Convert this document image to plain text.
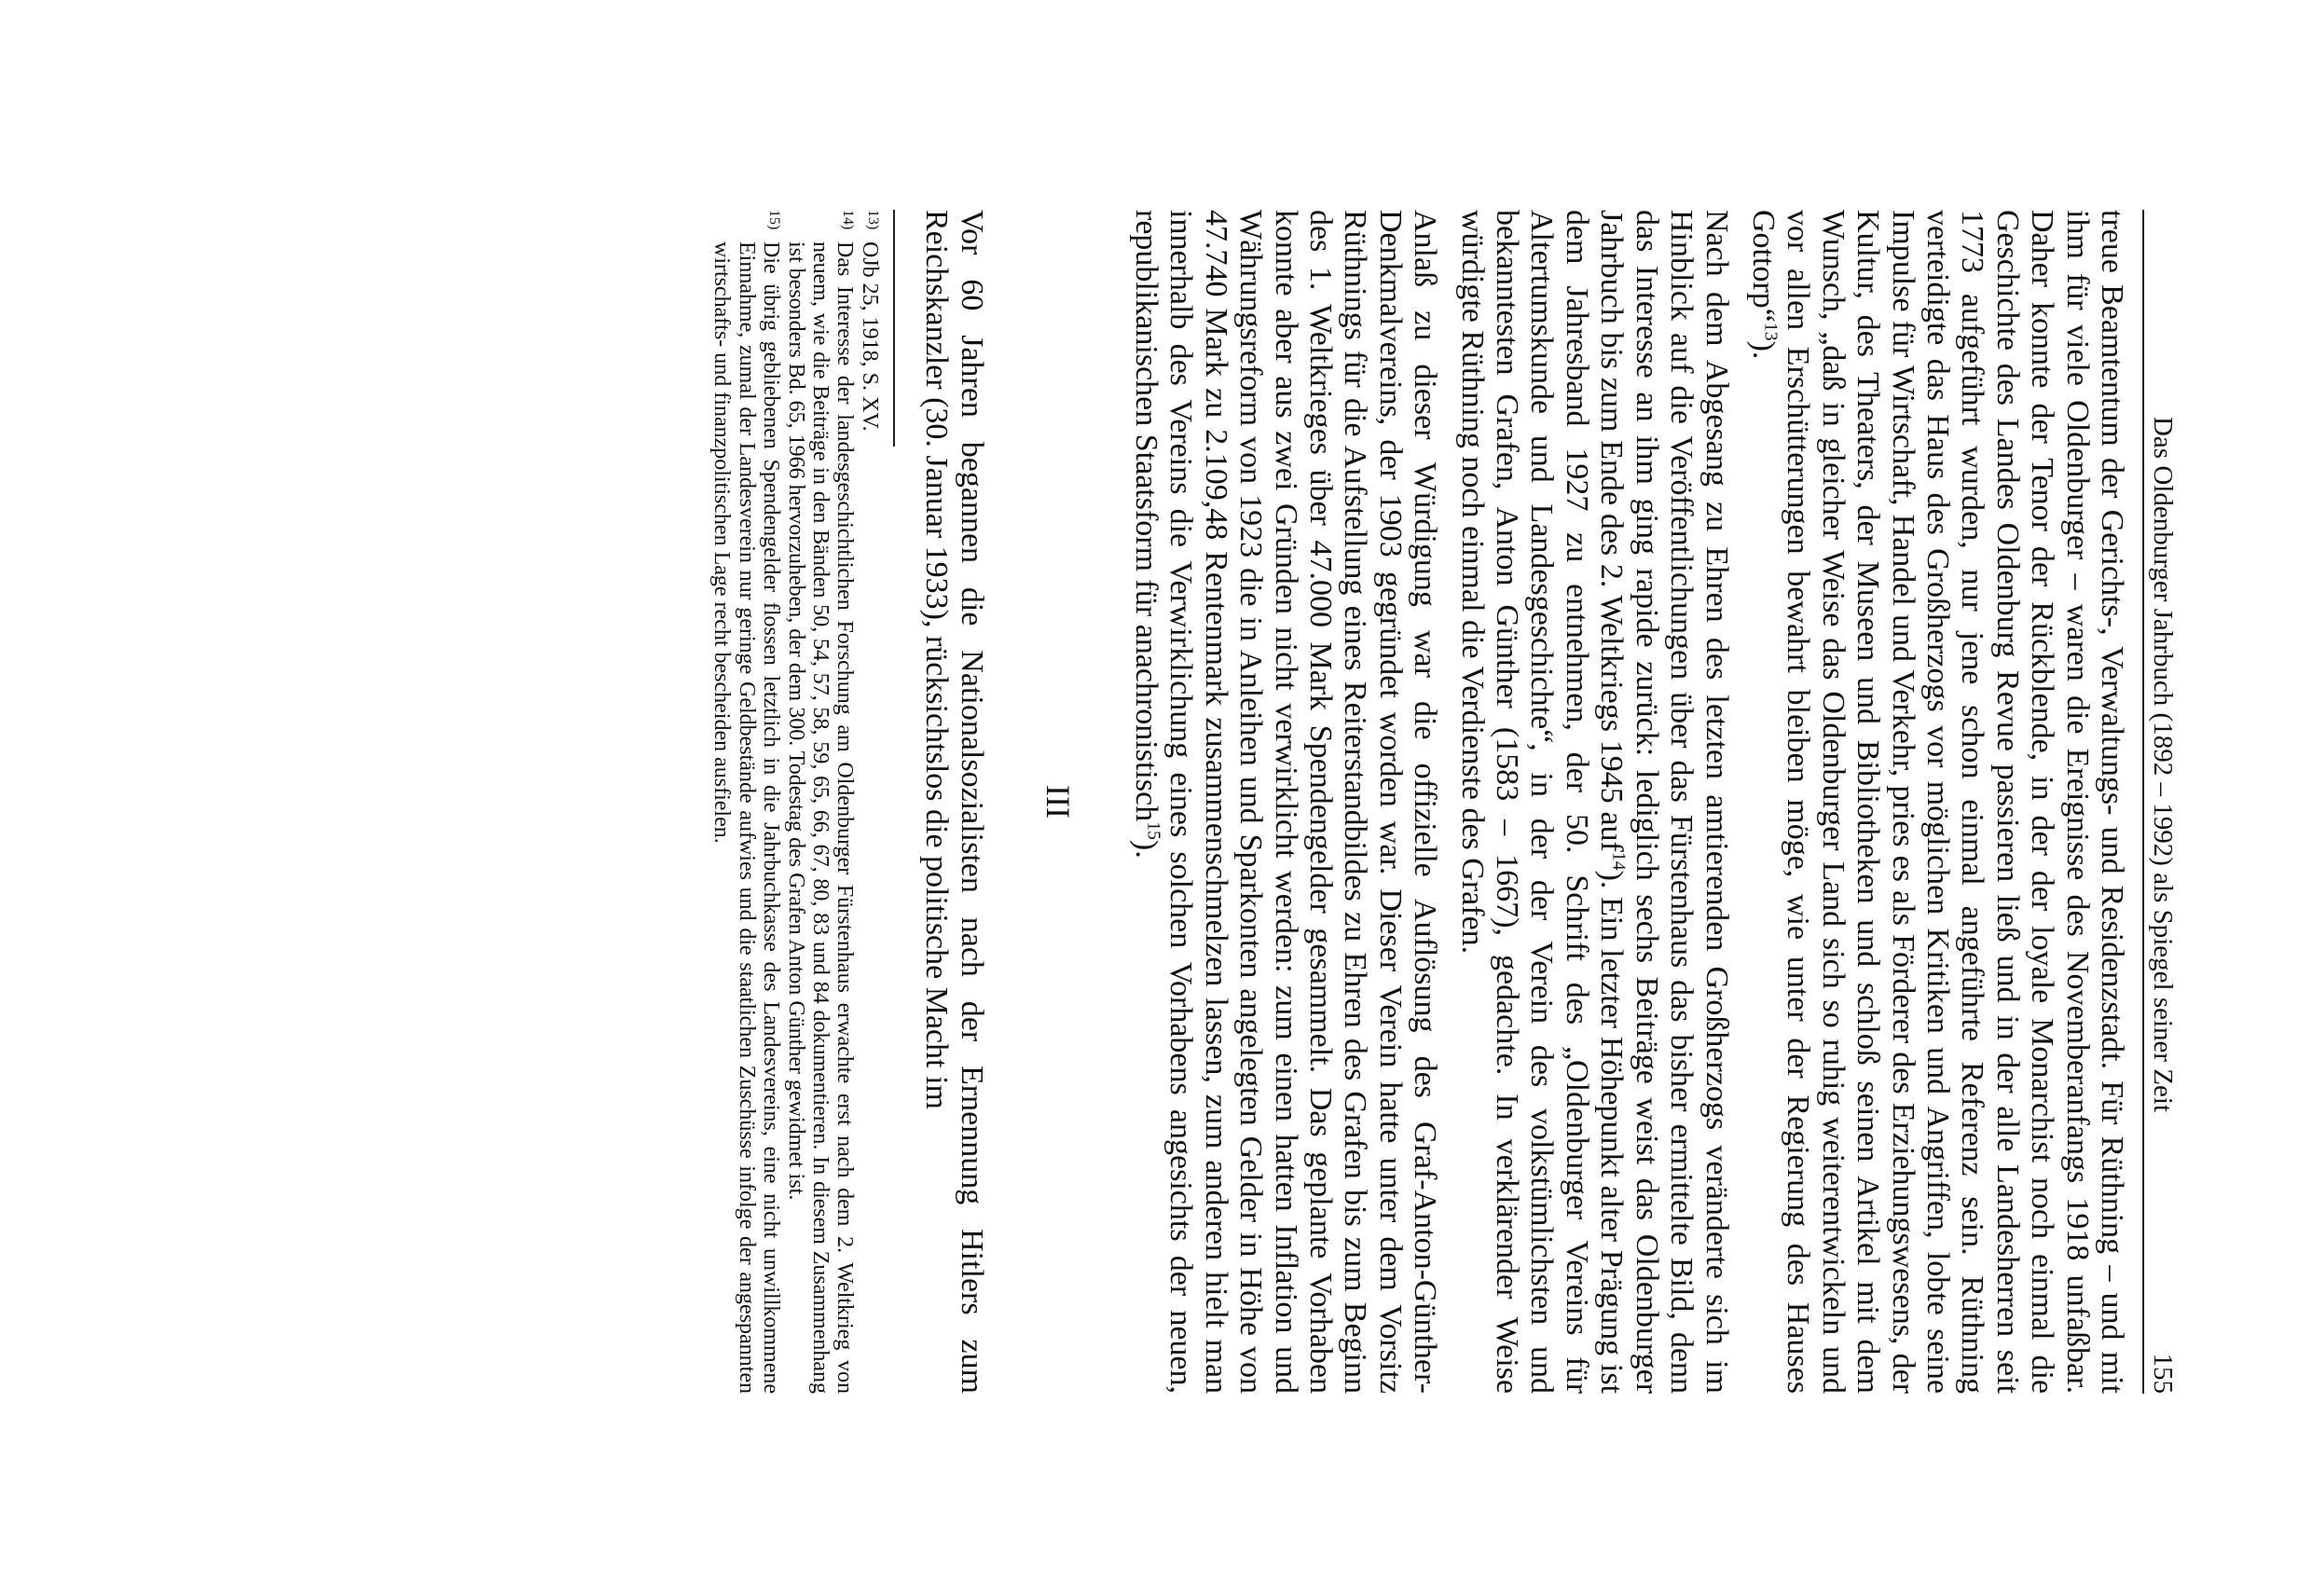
Das Oldenburger Jahrbuch (1892 – 1992) als Spiegel seiner Zeit
155

treue Beamtentum der Gerichts-, Verwaltungs- und Residenzstadt. Für Rüthning – und mit ihm für viele Oldenburger – waren die Ereignisse des Novemberanfangs 1918 unfaßbar. Daher konnte der Tenor der Rückblende, in der der loyale Monarchist noch einmal die Geschichte des Landes Oldenburg Revue passieren ließ und in der alle Landesherren seit 1773 aufgeführt wurden, nur jene schon einmal angeführte Referenz sein. Rüthning verteidigte das Haus des Großherzogs vor möglichen Kritiken und Angriffen, lobte seine Impulse für Wirtschaft, Handel und Verkehr, pries es als Förderer des Erziehungswesens, der Kultur, des Theaters, der Museen und Bibliotheken und schloß seinen Artikel mit dem Wunsch, „daß in gleicher Weise das Oldenburger Land sich so ruhig weiterentwickeln und vor allen Erschütterungen bewahrt bleiben möge, wie unter der Regierung des Hauses Gottorp“$^{13}$).

Nach dem Abgesang zu Ehren des letzten amtierenden Großherzogs veränderte sich im Hinblick auf die Veröffentlichungen über das Fürstenhaus das bisher ermittelte Bild, denn das Interesse an ihm ging rapide zurück: lediglich sechs Beiträge weist das Oldenburger Jahrbuch bis zum Ende des 2. Weltkriegs 1945 auf$^{14}$). Ein letzter Höhepunkt alter Prägung ist dem Jahresband 1927 zu entnehmen, der 50. Schrift des „Oldenburger Vereins für Altertumskunde und Landesgeschichte“, in der der Verein des volkstümlichsten und bekanntesten Grafen, Anton Günther (1583 – 1667), gedachte. In verklärender Weise würdigte Rüthning noch einmal die Verdienste des Grafen.

Anlaß zu dieser Würdigung war die offizielle Auflösung des Graf-Anton-Günther-Denkmalvereins, der 1903 gegründet worden war. Dieser Verein hatte unter dem Vorsitz Rüthnings für die Aufstellung eines Reiterstandbildes zu Ehren des Grafen bis zum Beginn des 1. Weltkrieges über 47.000 Mark Spendengelder gesammelt. Das geplante Vorhaben konnte aber aus zwei Gründen nicht verwirklicht werden: zum einen hatten Inflation und Währungsreform von 1923 die in Anleihen und Sparkonten angelegten Gelder in Höhe von 47.740 Mark zu 2.109,48 Rentenmark zusammenschmelzen lassen, zum anderen hielt man innerhalb des Vereins die Verwirklichung eines solchen Vorhabens angesichts der neuen, republikanischen Staatsform für anachronistisch$^{15}$).

III

Vor 60 Jahren begannen die Nationalsozialisten nach der Ernennung Hitlers zum Reichskanzler (30. Januar 1933), rücksichtslos die politische Macht im

13)
OJb 25, 1918, S. XV.

14)
Das Interesse der landesgeschichtlichen Forschung am Oldenburger Fürstenhaus erwachte erst nach dem 2. Weltkrieg von neuem, wie die Beiträge in den Bänden 50, 54, 57, 58, 59, 65, 66, 67, 80, 83 und 84 dokumentieren. In diesem Zusammenhang ist besonders Bd. 65, 1966 hervorzuheben, der dem 300. Todestag des Grafen Anton Günther gewidmet ist.

15)
Die übrig gebliebenen Spendengelder flossen letztlich in die Jahrbuchkasse des Landesvereins, eine nicht unwillkommene Einnahme, zumal der Landesverein nur geringe Geldbestände aufwies und die staatlichen Zuschüsse infolge der angespannten wirtschafts- und finanzpolitischen Lage recht bescheiden ausfielen.
